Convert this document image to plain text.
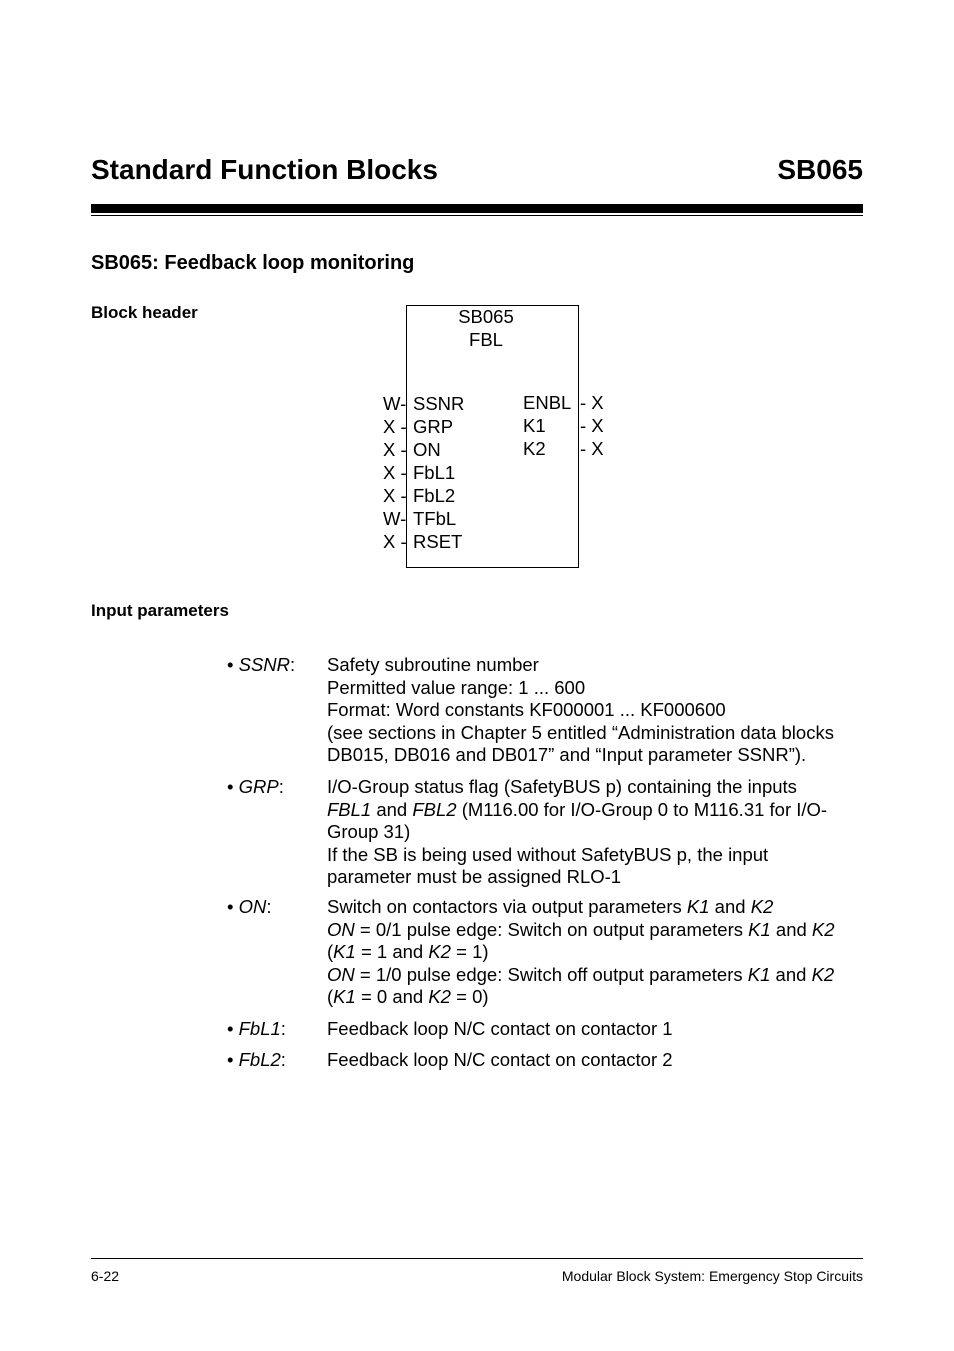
Standard Function Blocks	SB065
SB065: Feedback loop monitoring
Block header	SB065
FBL
W-
X -
X -
X -
X -
W-
X -
SSNR
GRP
ON
FbL1
FbL2
TFbL
RSET
ENBL
K1
K2
- X
- X
- X
Input parameters
• SSNR: Safety subroutine number
Permitted value range: 1 ... 600
Format: Word constants KF000001 ... KF000600
(see sections in Chapter 5 entitled “Administration data blocks
DB015, DB016 and DB017” and “Input parameter SSNR”).
• GRP: I/O-Group status flag (SafetyBUS p) containing the inputs
FBL1 and FBL2 (M116.00 for I/O-Group 0 to M116.31 for I/O-
Group 31)
If the SB is being used without SafetyBUS p, the input
parameter must be assigned RLO-1
• ON:	Switch on contactors via output parameters K1 and K2
ON = 0/1 pulse edge: Switch on output parameters K1 and K2
(K1 = 1 and K2 = 1)
ON = 1/0 pulse edge: Switch off output parameters K1 and K2
(K1 = 0 and K2 = 0)
• FbL1: Feedback loop N/C contact on contactor 1
• FbL2: Feedback loop N/C contact on contactor 2
6-22	Modular Block System: Emergency Stop Circuits
